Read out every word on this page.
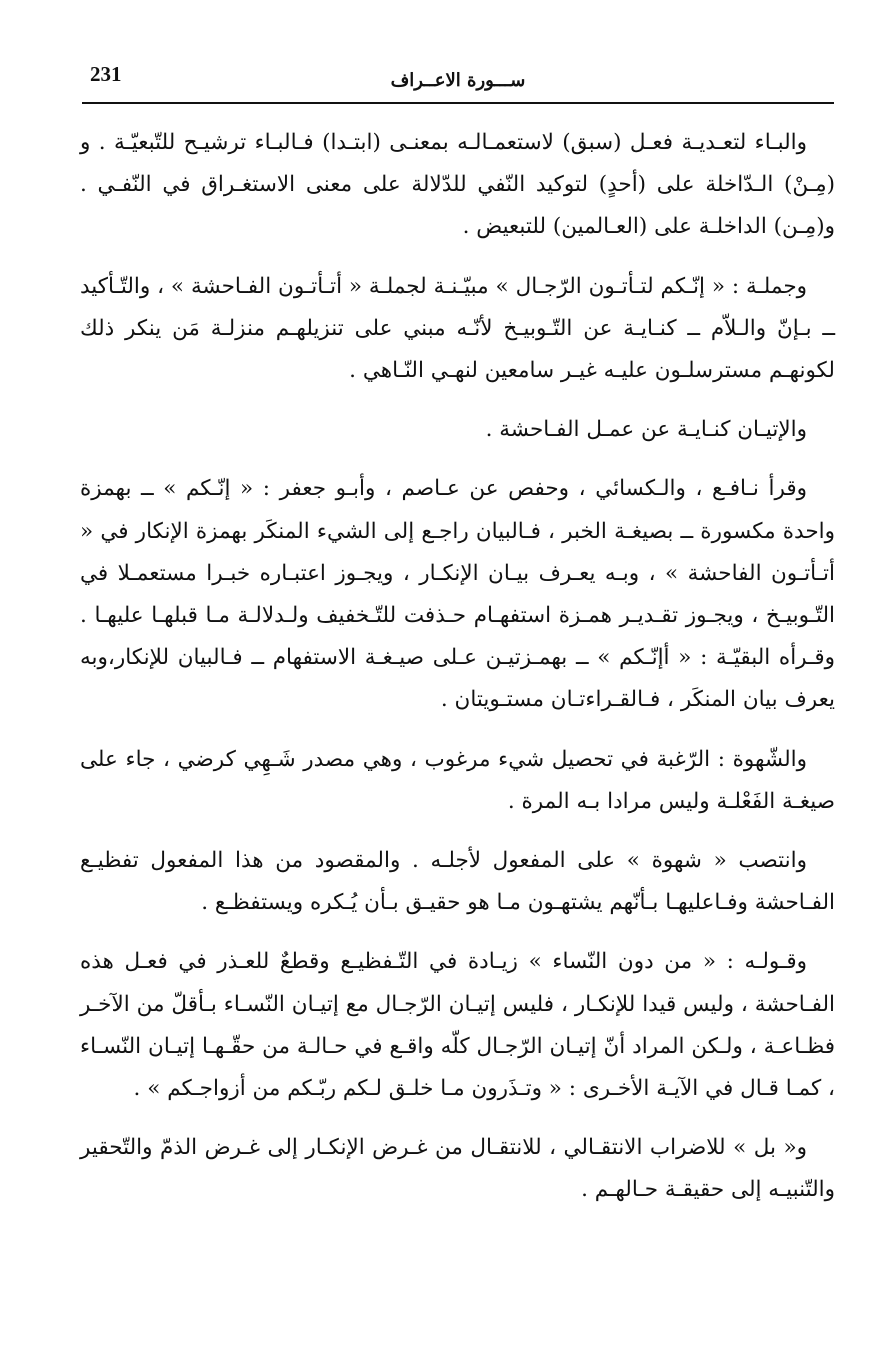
231	ســـورة الاعــراف

والبـاء لتعـديـة فعـل (سبق) لاستعمـالـه بمعنـى (ابتـدا) فـالبـاء ترشيـح للتّبعيّـة . و (مِـنْ) الـدّاخلة على (أحدٍ) لتوكيد النّفي للدّلالة على معنى الاستغـراق في النّفـي . و(مِـن) الداخلـة على (العـالمين) للتبعيض .

وجملـة : « إنّـكم لتـأتـون الرّجـال » مبيّـنـة لجملـة « أتـأتـون الفـاحشة » ، والتّـأكيد ــ بـإنّ والـلاّم ــ كنـايـة عن التّـوبيـخ لأنّـه مبني على تنزيلهـم منزلـة مَن ينكر ذلك لكونهـم مسترسلـون عليـه غيـر سامعين لنهـي النّـاهي .

والإتيـان كنـايـة عن عمـل الفـاحشة .

وقرأ نـافـع ، والـكسائي ، وحفص عن عـاصم ، وأبـو جعفر : « إنّـكم » ــ بهمزة واحدة مكسورة ــ بصيغـة الخبر ، فـالبيان راجـع إلى الشيء المنكَر بهمزة الإنكار في « أتـأتـون الفاحشة » ، وبـه يعـرف بيـان الإنكـار ، ويجـوز اعتبـاره خبـرا مستعمـلا في التّـوبيـخ ، ويجـوز تقـديـر همـزة استفهـام حـذفت للتّـخفيف ولـدلالـة مـا قبلهـا عليهـا . وقـرأه البقيّـة : « أإنّـكم » ــ بهمـزتيـن عـلى صيـغـة الاستفهام ــ فـالبيان للإنكار،وبه يعرف بيان المنكَر ، فـالقـراءتـان مستـويتان .

والشّهوة : الرّغبة في تحصيل شيء مرغوب ، وهي مصدر شَـهِي كرضي ، جاء على صيغـة الفَعْلـة وليس مرادا بـه المرة .

وانتصب « شهوة » على المفعول لأجلـه . والمقصود من هذا المفعول تفظيـع الفـاحشة وفـاعليهـا بـأنّهم يشتهـون مـا هو حقيـق بـأن يُـكره ويستفظـع .

وقـولـه : « من دون النّساء » زيـادة في التّـفظيـع وقطعٌ للعـذر في فعـل هذه الفـاحشة ، وليس قيدا للإنكـار ، فليس إتيـان الرّجـال مع إتيـان النّسـاء بـأقلّ من الآخـر فظـاعـة ، ولـكن المراد أنّ إتيـان الرّجـال كلّه واقـع في حـالـة من حقّـهـا إتيـان النّسـاء ، كمـا قـال في الآيـة الأخـرى : « وتـذَرون مـا خلـق لـكم ربّـكم من أزواجـكم » .

و« بل » للاضراب الانتقـالي ، للانتقـال من غـرض الإنكـار إلى غـرض الذمّ والتّحقير والتّنبيـه إلى حقيقـة حـالهـم .
